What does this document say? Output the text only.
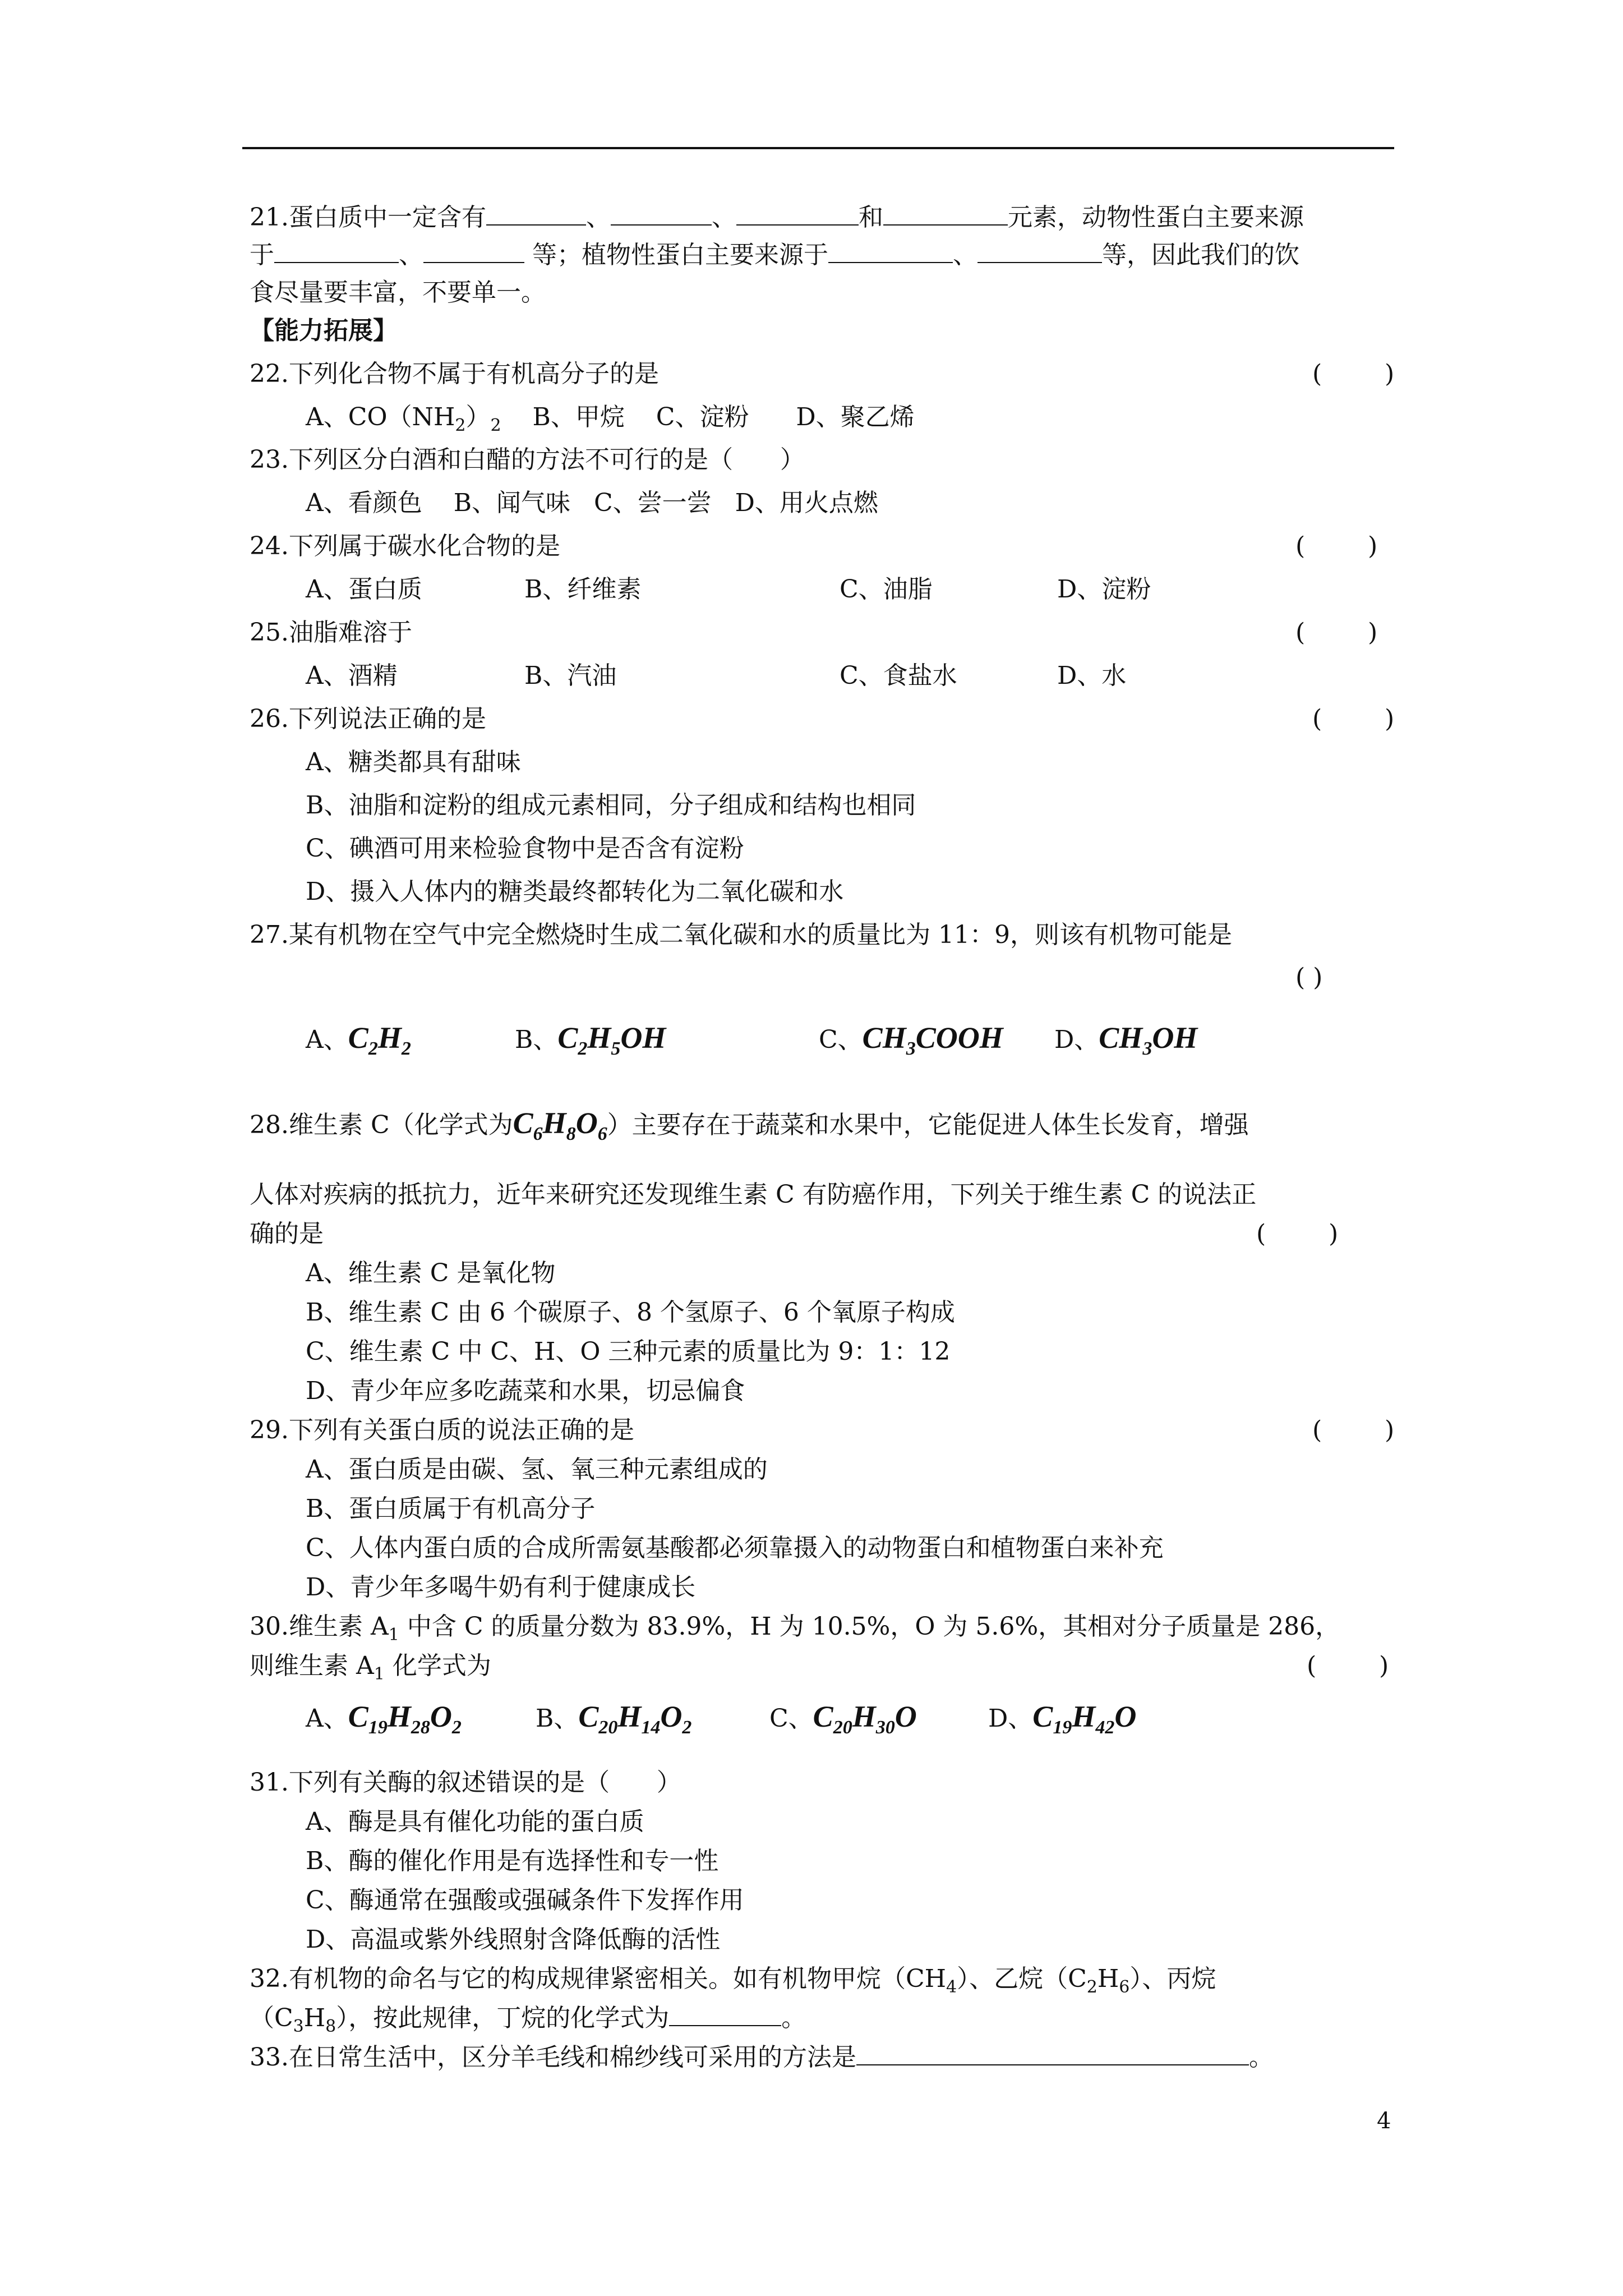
21.蛋白质中一定含有	、	、	和	元素，动物性蛋白主要来源
于	、	等；植物性蛋白主要来源于	、	等，因此我们的饮
食尽量要丰富，不要单一。
【能力拓展】
22.下列化合物不属于有机高分子的是	(        )
A、$CO(NH_2)_2$    B、甲烷    C、淀粉      D、聚乙烯
23.下列区分白酒和白醋的方法不可行的是（      ）
A、看颜色    B、闻气味   C、尝一尝   D、用火点燃
24.下列属于碳水化合物的是	(        )
A、蛋白质	B、纤维素	C、油脂	D、淀粉
25.油脂难溶于	(        )
A、酒精	B、汽油	C、食盐水	D、水
26.下列说法正确的是	(        )
A、糖类都具有甜味
B、油脂和淀粉的组成元素相同，分子组成和结构也相同
C、碘酒可用来检验食物中是否含有淀粉
D、摄入人体内的糖类最终都转化为二氧化碳和水
27.某有机物在空气中完全燃烧时生成二氧化碳和水的质量比为 11：9，则该有机物可能是
( )
A、$C_2H_2$	B、$C_2H_5OH$	C、$CH_3COOH$ D、$CH_3OH$
28.维生素 C（化学式为$C_6H_8O_6$）主要存在于蔬菜和水果中，它能促进人体生长发育，增强
人体对疾病的抵抗力，近年来研究还发现维生素 C 有防癌作用，下列关于维生素 C 的说法正
确的是	(        )
A、维生素 C 是氧化物
B、维生素 C 由 6 个碳原子、8 个氢原子、6 个氧原子构成
C、维生素 C 中 C、H、O 三种元素的质量比为 9：1：12
D、青少年应多吃蔬菜和水果，切忌偏食
29.下列有关蛋白质的说法正确的是	(        )
A、蛋白质是由碳、氢、氧三种元素组成的
B、蛋白质属于有机高分子
C、人体内蛋白质的合成所需氨基酸都必须靠摄入的动物蛋白和植物蛋白来补充
D、青少年多喝牛奶有利于健康成长
30.维生素 $A_1$ 中含 C 的质量分数为 83.9%，H 为 10.5%，O 为 5.6%，其相对分子质量是 286，
则维生素 $A_1$ 化学式为	(        )
A、$C_{19}H_{28}O_2$	B、$C_{20}H_{14}O_2$	C、$C_{20}H_{30}O$	D、$C_{19}H_{42}O$
31.下列有关酶的叙述错误的是（      ）
A、酶是具有催化功能的蛋白质
B、酶的催化作用是有选择性和专一性
C、酶通常在强酸或强碱条件下发挥作用
D、高温或紫外线照射含降低酶的活性
32.有机物的命名与它的构成规律紧密相关。如有机物甲烷$(CH_4)$、乙烷$(C_2H_6)$、丙烷
$(C_3H_8)$，按此规律，丁烷的化学式为	。
33.在日常生活中，区分羊毛线和棉纱线可采用的方法是	。
4
